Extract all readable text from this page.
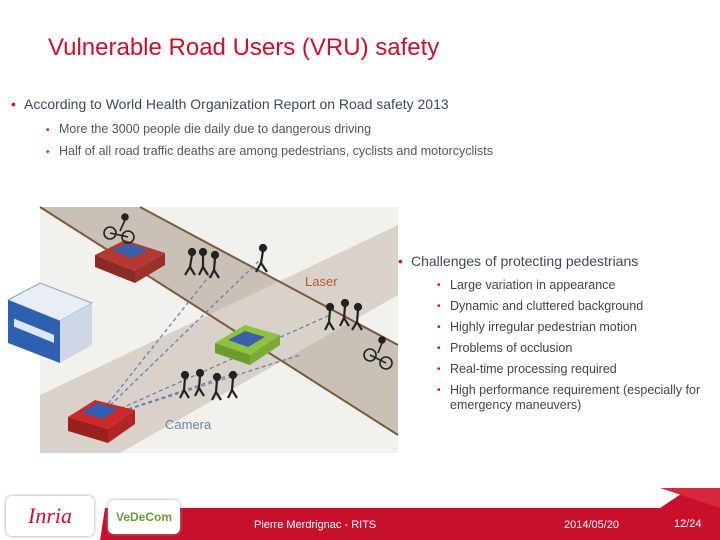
Vulnerable Road Users (VRU) safety
• According to World Health Organization Report on Road safety 2013
• More the 3000 people die daily due to dangerous driving
• Half of all road traffic deaths are among pedestrians, cyclists and motorcyclists
Laser
Camera
• Challenges of protecting pedestrians
• Large variation in appearance
• Dynamic and cluttered background
• Highly irregular pedestrian motion
• Problems of occlusion
• Real-time processing required
• High performance requirement (especially for emergency maneuvers)
Inria	VeDeCom
Pierre Merdrignac - RITS	2014/05/20	12/24
